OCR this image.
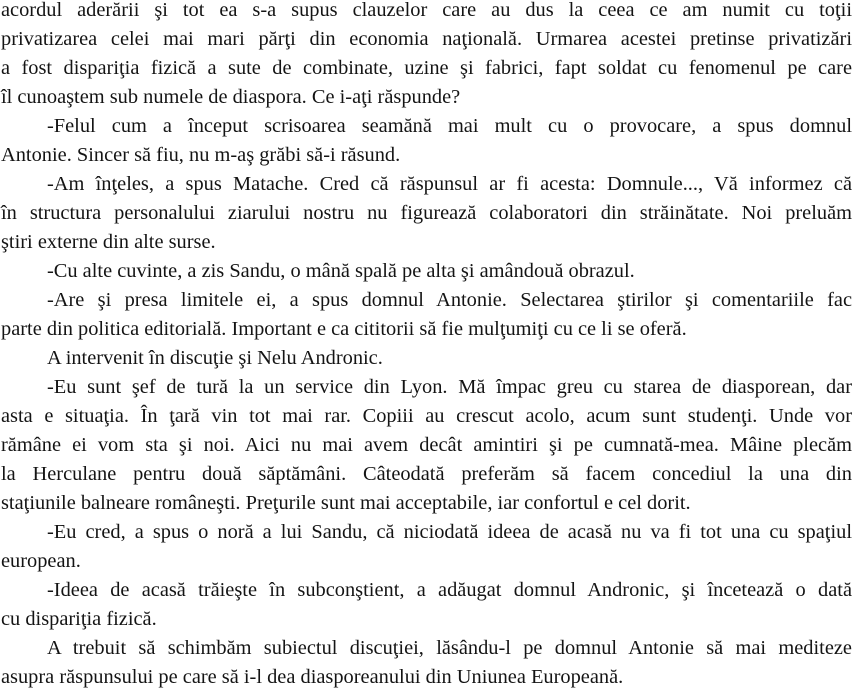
acordul aderării şi tot ea s-a supus clauzelor care au dus la ceea ce am numit cu toţii
privatizarea celei mai mari părţi din economia naţională. Urmarea acestei pretinse privatizări
a fost dispariţia fizică a sute de combinate, uzine şi fabrici, fapt soldat cu fenomenul pe care
îl cunoaştem sub numele de diaspora. Ce i-aţi răspunde?
-Felul cum a început scrisoarea seamănă mai mult cu o provocare, a spus domnul
Antonie. Sincer să fiu, nu m-aş grăbi să-i răsund.
-Am înţeles, a spus Matache. Cred că răspunsul ar fi acesta: Domnule..., Vă informez că
în structura personalului ziarului nostru nu figurează colaboratori din străinătate. Noi preluăm
ştiri externe din alte surse.
-Cu alte cuvinte, a zis Sandu, o mână spală pe alta şi amândouă obrazul.
-Are şi presa limitele ei, a spus domnul Antonie. Selectarea ştirilor şi comentariile fac
parte din politica editorială. Important e ca cititorii să fie mulţumiţi cu ce li se oferă.
A intervenit în discuţie şi Nelu Andronic.
-Eu sunt şef de tură la un service din Lyon. Mă împac greu cu starea de diasporean, dar
asta e situaţia. În ţară vin tot mai rar. Copiii au crescut acolo, acum sunt studenţi. Unde vor
rămâne ei vom sta şi noi. Aici nu mai avem decât amintiri şi pe cumnată-mea. Mâine plecăm
la Herculane pentru două săptămâni. Câteodată preferăm să facem concediul la una din
staţiunile balneare româneşti. Preţurile sunt mai acceptabile, iar confortul e cel dorit.
-Eu cred, a spus o noră a lui Sandu, că niciodată ideea de acasă nu va fi tot una cu spaţiul
european.
-Ideea de acasă trăieşte în subconştient, a adăugat domnul Andronic, şi încetează o dată
cu dispariţia fizică.
A trebuit să schimbăm subiectul discuţiei, lăsându-l pe domnul Antonie să mai mediteze
asupra răspunsului pe care să i-l dea diasporeanului din Uniunea Europeană.
